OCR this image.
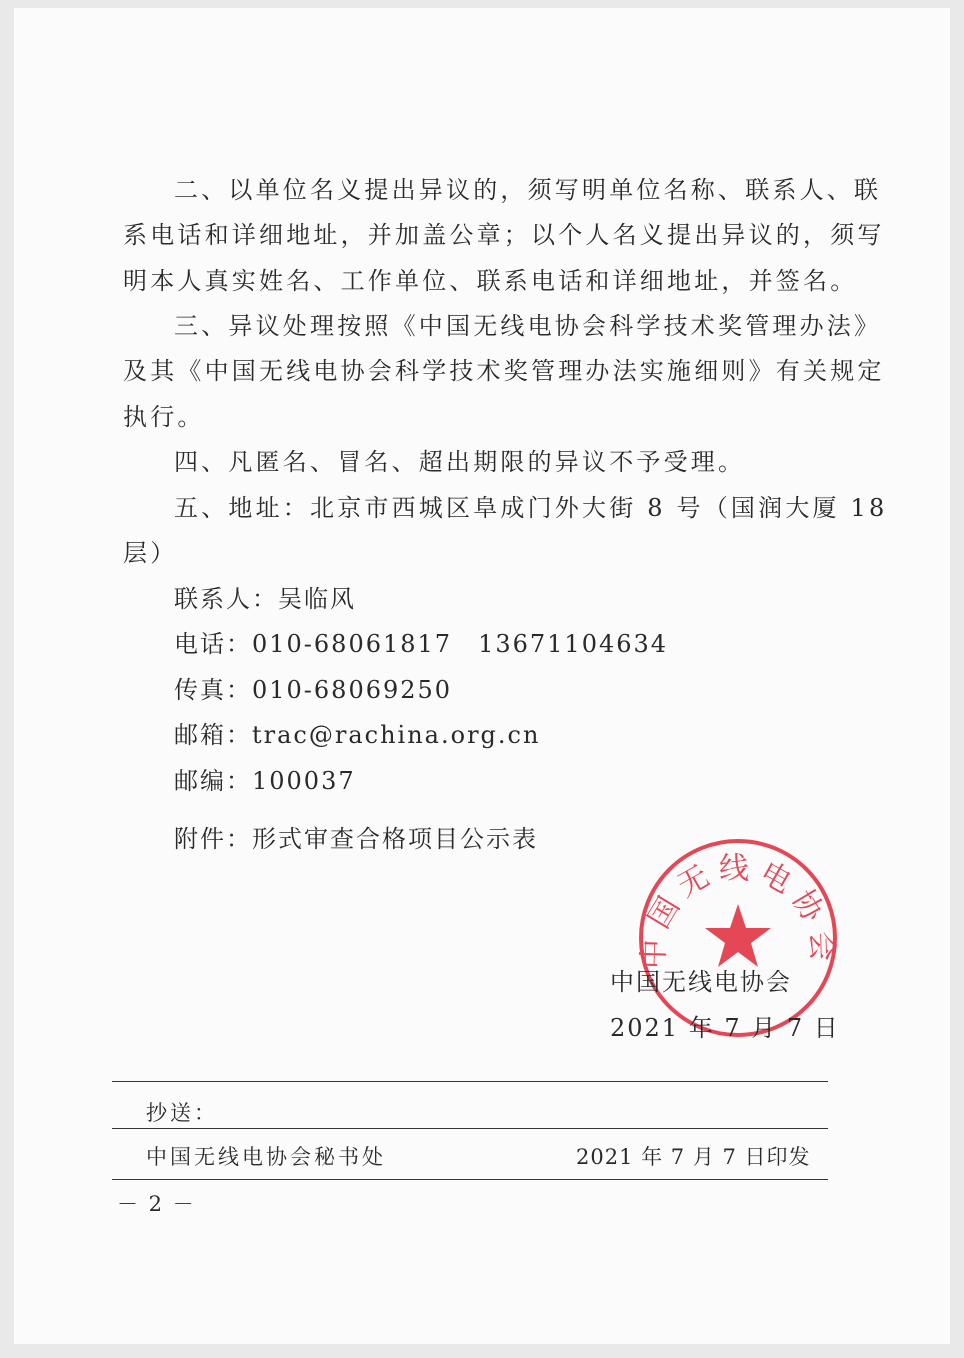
二、以单位名义提出异议的，须写明单位名称、联系人、联
系电话和详细地址，并加盖公章；以个人名义提出异议的，须写
明本人真实姓名、工作单位、联系电话和详细地址，并签名。
三、异议处理按照《中国无线电协会科学技术奖管理办法》
及其《中国无线电协会科学技术奖管理办法实施细则》有关规定
执行。
四、凡匿名、冒名、超出期限的异议不予受理。
五、地址：北京市西城区阜成门外大街 8 号（国润大厦 18
层）
联系人：吴临风
电话：010-68061817　13671104634
传真：010-68069250
邮箱：trac@rachina.org.cn
邮编：100037
附件：形式审查合格项目公示表
中国无线电协会
中国无线电协会
2021 年 7 月 7 日
抄送：
中国无线电协会秘书处	2021 年 7 月 7 日印发
－ 2 －
